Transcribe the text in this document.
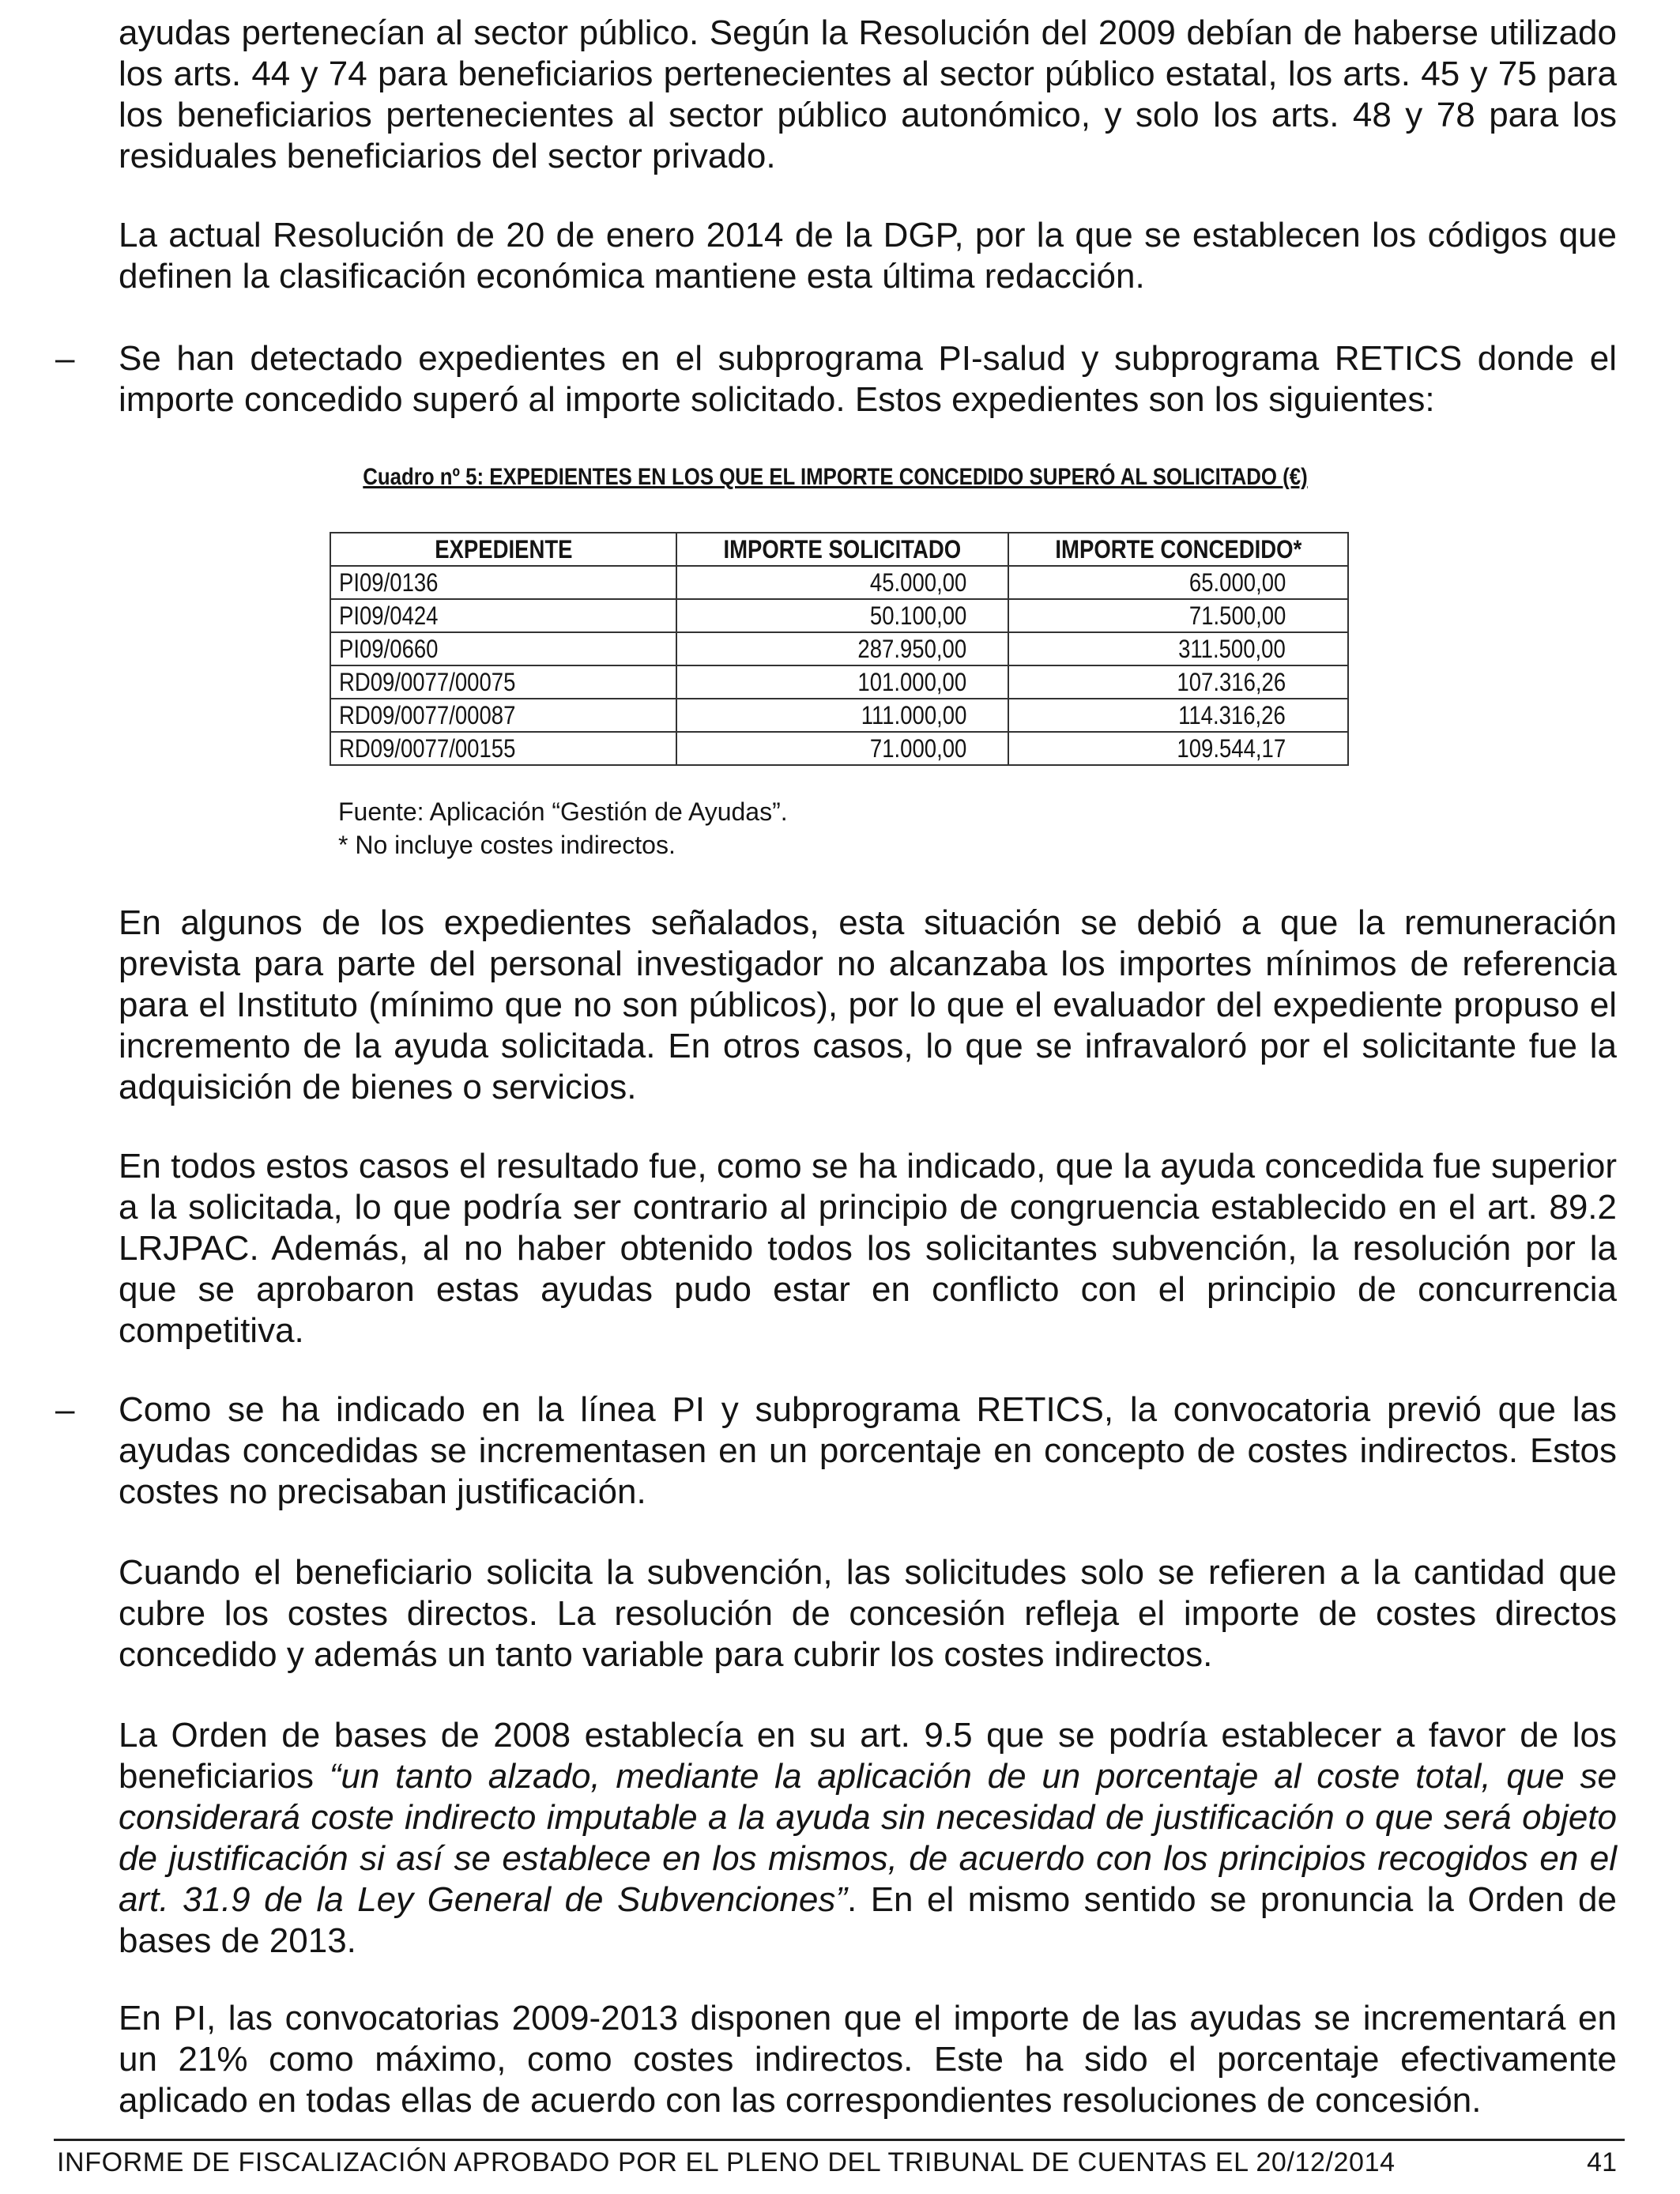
ayudas pertenecían al sector público. Según la Resolución del 2009 debían de haberse utilizado los arts. 44 y 74 para beneficiarios pertenecientes al sector público estatal, los arts. 45 y 75 para los beneficiarios pertenecientes al sector público autonómico, y solo los arts. 48 y 78 para los residuales beneficiarios del sector privado.

La actual Resolución de 20 de enero 2014 de la DGP, por la que se establecen los códigos que definen la clasificación económica mantiene esta última redacción.

– Se han detectado expedientes en el subprograma PI-salud y subprograma RETICS donde el importe concedido superó al importe solicitado. Estos expedientes son los siguientes:

Cuadro nº 5: EXPEDIENTES EN LOS QUE EL IMPORTE CONCEDIDO SUPERÓ AL SOLICITADO (€)
EXPEDIENTE	IMPORTE SOLICITADO	IMPORTE CONCEDIDO*
PI09/0136	45.000,00	65.000,00
PI09/0424	50.100,00	71.500,00
PI09/0660	287.950,00	311.500,00
RD09/0077/00075	101.000,00	107.316,26
RD09/0077/00087	111.000,00	114.316,26
RD09/0077/00155	71.000,00	109.544,17
Fuente: Aplicación “Gestión de Ayudas”.
* No incluye costes indirectos.

En algunos de los expedientes señalados, esta situación se debió a que la remuneración prevista para parte del personal investigador no alcanzaba los importes mínimos de referencia para el Instituto (mínimo que no son públicos), por lo que el evaluador del expediente propuso el incremento de la ayuda solicitada. En otros casos, lo que se infravaloró por el solicitante fue la adquisición de bienes o servicios.

En todos estos casos el resultado fue, como se ha indicado, que la ayuda concedida fue superior a la solicitada, lo que podría ser contrario al principio de congruencia establecido en el art. 89.2 LRJPAC. Además, al no haber obtenido todos los solicitantes subvención, la resolución por la que se aprobaron estas ayudas pudo estar en conflicto con el principio de concurrencia competitiva.

– Como se ha indicado en la línea PI y subprograma RETICS, la convocatoria previó que las ayudas concedidas se incrementasen en un porcentaje en concepto de costes indirectos. Estos costes no precisaban justificación.

Cuando el beneficiario solicita la subvención, las solicitudes solo se refieren a la cantidad que cubre los costes directos. La resolución de concesión refleja el importe de costes directos concedido y además un tanto variable para cubrir los costes indirectos.

La Orden de bases de 2008 establecía en su art. 9.5 que se podría establecer a favor de los beneficiarios “un tanto alzado, mediante la aplicación de un porcentaje al coste total, que se considerará coste indirecto imputable a la ayuda sin necesidad de justificación o que será objeto de justificación si así se establece en los mismos, de acuerdo con los principios recogidos en el art. 31.9 de la Ley General de Subvenciones”. En el mismo sentido se pronuncia la Orden de bases de 2013.

En PI, las convocatorias 2009-2013 disponen que el importe de las ayudas se incrementará en un 21% como máximo, como costes indirectos. Este ha sido el porcentaje efectivamente aplicado en todas ellas de acuerdo con las correspondientes resoluciones de concesión.

INFORME DE FISCALIZACIÓN APROBADO POR EL PLENO DEL TRIBUNAL DE CUENTAS EL 20/12/2014	41
